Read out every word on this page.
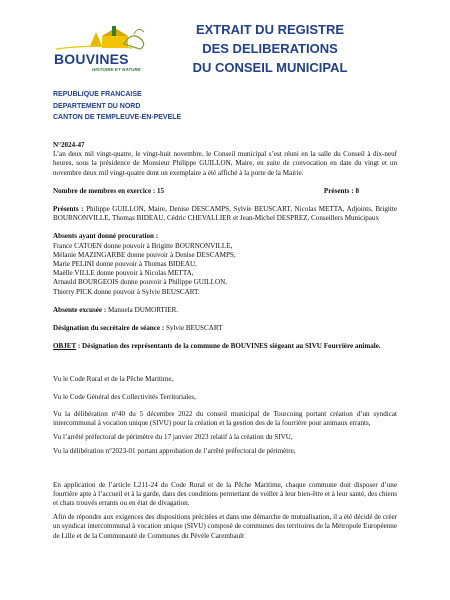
BOUVINES
HISTOIRE ET NATURE
EXTRAIT DU REGISTRE
DES DELIBERATIONS
DU CONSEIL MUNICIPAL
REPUBLIQUE FRANCAISE
DEPARTEMENT DU NORD
CANTON DE TEMPLEUVE-EN-PEVELE

N°2024-47

L’an deux mil vingt-quatre, le vingt-huit novembre, le Conseil municipal s’est réuni en la salle du Conseil à dix-neuf heures, sous la présidence de Monsieur Philippe GUILLON, Maire, en suite de convocation en date du vingt et un novembre deux mil vingt-quatre dont un exemplaire a été affiché à la porte de la Mairie.

Nombre de membres en exercice : 15	Présents : 8

Présents : Philippe GUILLON, Maire, Denise DESCAMPS, Sylvie BEUSCART, Nicolas METTA, Adjoints, Brigitte BOURNONVILLE, Thomas BIDEAU, Cédric CHEVALLIER et Jean-Michel DESPREZ, Conseillers Municipaux

Absents ayant donné procuration :

France CATOEN donne pouvoir à Brigitte BOURNONVILLE,
Mélanie MAZINGARBE donne pouvoir à Denise DESCAMPS,
Marie PELINI donne pouvoir à Thomas BIDEAU,
Maëlle VILLE donne pouvoir à Nicolas METTA,
Arnauld BOURGEOIS donne pouvoir à Philippe GUILLON,
Thierry PICK donne pouvoir à Sylvie BEUSCART.

Absente excusée : Manuela DUMORTIER.

Désignation du secrétaire de séance : Sylvie BEUSCART

OBJET : Désignation des représentants de la commune de BOUVINES siégeant au SIVU Fourrière animale.

Vu le Code Rural et de la Pêche Maritime,

Vu le Code Général des Collectivités Territoriales,

Vu la délibération n°40 du 5 décembre 2022 du conseil municipal de Tourcoing portant création d’un syndicat intercommunal à vocation unique (SIVU) pour la création et la gestion des de la fourrière pour animaux errants,

Vu l’arrêté préfectoral de périmètre du 17 janvier 2023 relatif à la création du SIVU,

Vu la délibération n°2023-01 portant approbation de l’arrêté préfectoral de périmètre,

En application de l’article L211-24 du Code Rural et de la Pêche Maritime, chaque commune doit disposer d’une fourrière apte à l’accueil et à la garde, dans des conditions permettant de veiller à leur bien-être et à leur santé, des chiens et chats trouvés errants ou en état de divagation.

Afin de répondre aux exigences des dispositions précitées et dans une démarche de mutualisation, il a été décidé de créer un syndicat intercommunal à vocation unique (SIVU) composé de communes des territoires de la Métropole Européenne de Lille et de la Communauté de Communes du Pévèle Carembault
